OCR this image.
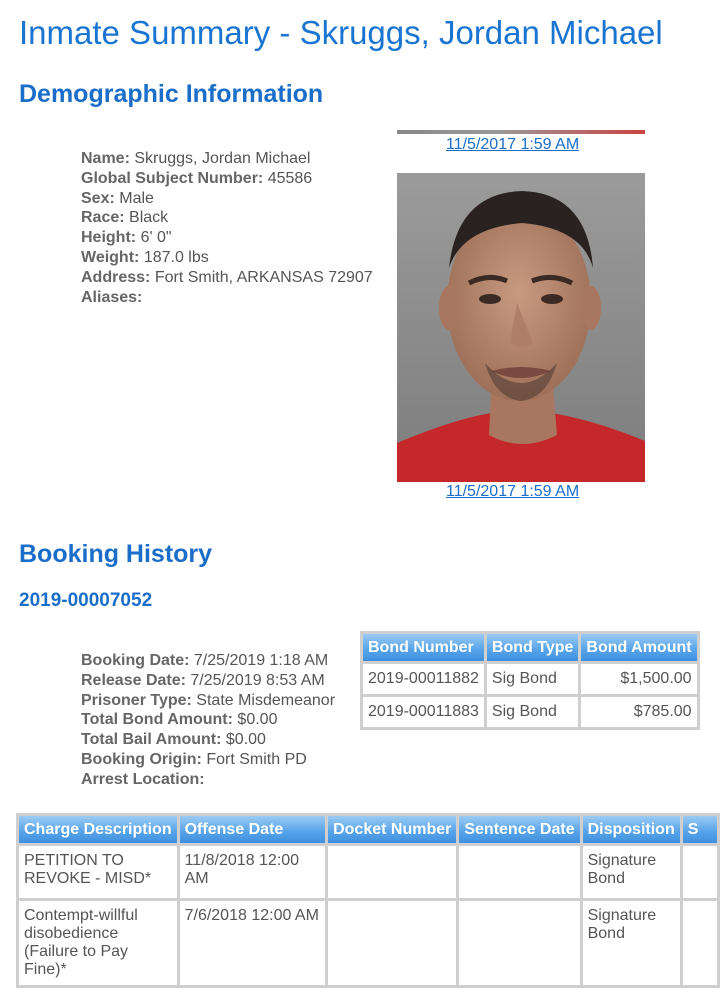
Inmate Summary - Skruggs, Jordan Michael
Demographic Information
Name: Skruggs, Jordan Michael
Global Subject Number: 45586
Sex: Male
Race: Black
Height: 6' 0"
Weight: 187.0 lbs
Address: Fort Smith, ARKANSAS 72907
Aliases:
11/5/2017 1:59 AM
11/5/2017 1:59 AM
Booking History
2019-00007052
Booking Date: 7/25/2019 1:18 AM
Release Date: 7/25/2019 8:53 AM
Prisoner Type: State Misdemeanor
Total Bond Amount: $0.00
Total Bail Amount: $0.00
Booking Origin: Fort Smith PD
Arrest Location:
Bond Number	Bond Type	Bond Amount
2019-00011882	Sig Bond	$1,500.00
2019-00011883	Sig Bond	$785.00
Charge Description	Offense Date	Docket Number	Sentence Date	Disposition	S
PETITION TO REVOKE - MISD*	11/8/2018 12:00 AM			Signature Bond	
Contempt-willful disobedience (Failure to Pay Fine)*	7/6/2018 12:00 AM			Signature Bond	
